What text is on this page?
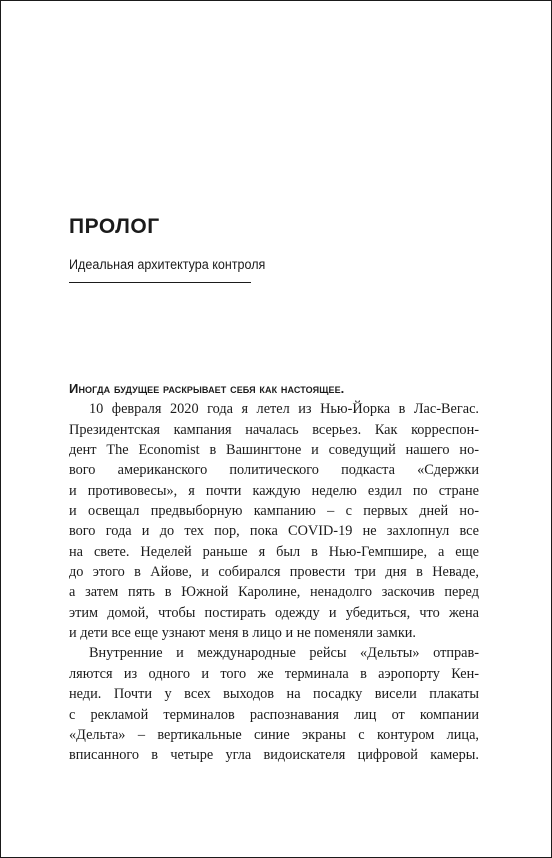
ПРОЛОГ

Идеальная архитектура контроля

Иногда будущее раскрывает себя как настоящее.
10 февраля 2020 года я летел из Нью-Йорка в Лас-Вегас.
Президентская кампания началась всерьез. Как корреспон-
дент The Economist в Вашингтоне и соведущий нашего но-
вого американского политического подкаста «Сдержки
и противовесы», я почти каждую неделю ездил по стране
и освещал предвыборную кампанию – с первых дней но-
вого года и до тех пор, пока COVID-19 не захлопнул все
на свете. Неделей раньше я был в Нью-Гемпшире, а еще
до этого в Айове, и собирался провести три дня в Неваде,
а затем пять в Южной Каролине, ненадолго заскочив перед
этим домой, чтобы постирать одежду и убедиться, что жена
и дети все еще узнают меня в лицо и не поменяли замки.
Внутренние и международные рейсы «Дельты» отправ-
ляются из одного и того же терминала в аэропорту Кен-
неди. Почти у всех выходов на посадку висели плакаты
с рекламой терминалов распознавания лиц от компании
«Дельта» – вертикальные синие экраны с контуром лица,
вписанного в четыре угла видоискателя цифровой камеры.
